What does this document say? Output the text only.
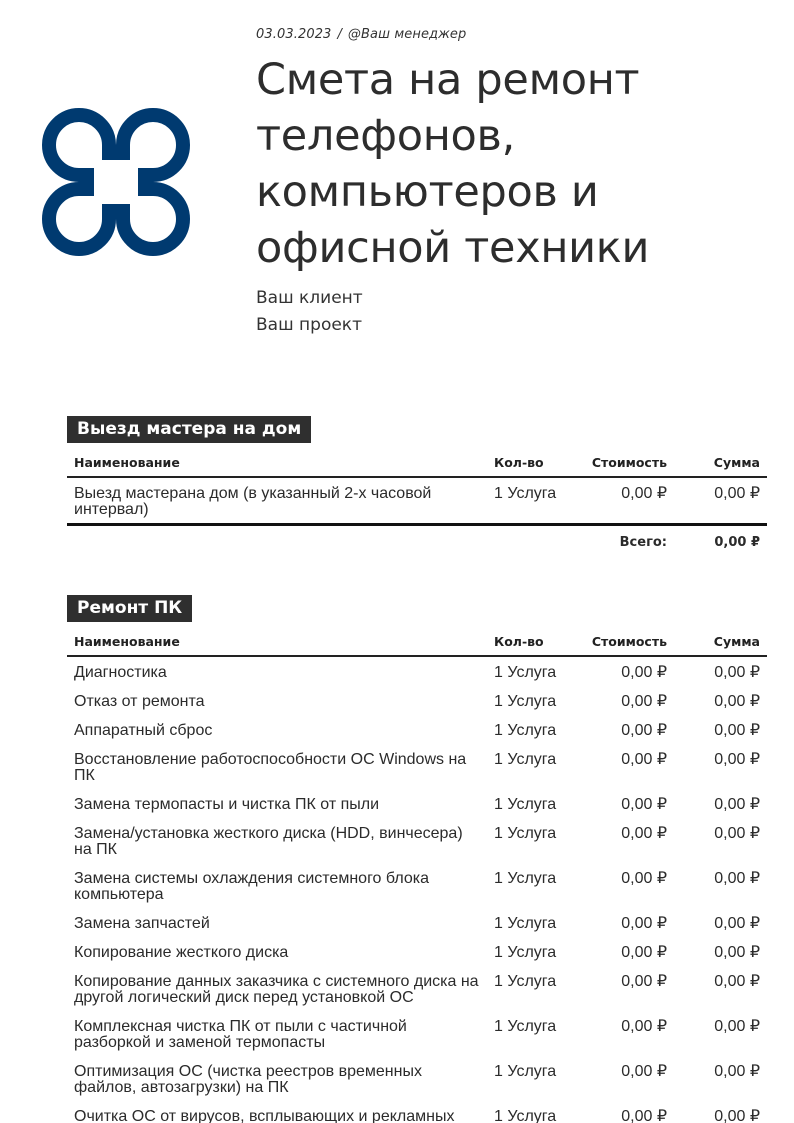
03.03.2023 / @Ваш менеджер
Смета на ремонт телефонов, компьютеров и офисной техники
Ваш клиент
Ваш проект
Выезд мастера на дом
Наименование	Кол-во	Стоимость	Сумма
Выезд мастерана дом (в указанный 2-х часовой интервал)	1 Услуга	0,00 ₽	0,00 ₽
		Всего:	0,00 ₽
Ремонт ПК
Наименование	Кол-во	Стоимость	Сумма
Диагностика	1 Услуга	0,00 ₽	0,00 ₽
Отказ от ремонта	1 Услуга	0,00 ₽	0,00 ₽
Аппаратный сброс	1 Услуга	0,00 ₽	0,00 ₽
Восстановление работоспособности ОС Windows на ПК	1 Услуга	0,00 ₽	0,00 ₽
Замена термопасты и чистка ПК от пыли	1 Услуга	0,00 ₽	0,00 ₽
Замена/установка жесткого диска (HDD, винчесера) на ПК	1 Услуга	0,00 ₽	0,00 ₽
Замена системы охлаждения системного блока компьютера	1 Услуга	0,00 ₽	0,00 ₽
Замена запчастей	1 Услуга	0,00 ₽	0,00 ₽
Копирование жесткого диска	1 Услуга	0,00 ₽	0,00 ₽
Копирование данных заказчика с системного диска на другой логический диск перед установкой ОС	1 Услуга	0,00 ₽	0,00 ₽
Комплексная чистка ПК от пыли с частичной разборкой и заменой термопасты	1 Услуга	0,00 ₽	0,00 ₽
Оптимизация ОС (чистка реестров временных файлов, автозагрузки) на ПК	1 Услуга	0,00 ₽	0,00 ₽
Очитка ОС от вирусов, всплывающих и рекламных	1 Услуга	0,00 ₽	0,00 ₽
